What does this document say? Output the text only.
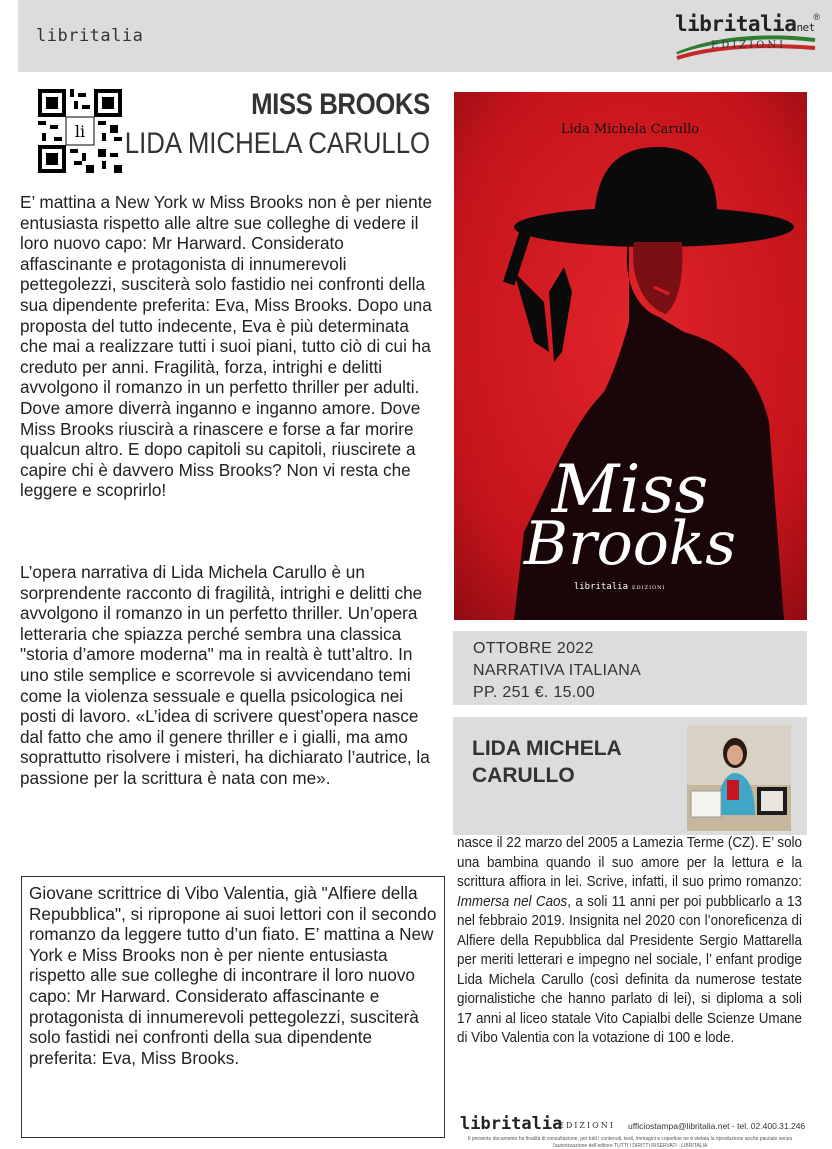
libritalia	libritalianet
®
EDIZIONI
li
MISS BROOKS
LIDA MICHELA CARULLO
E’ mattina a New York w Miss Brooks non è per niente entusiasta rispetto alle altre sue colleghe di vedere il loro nuovo capo: Mr Harward. Considerato affascinante e protagonista di innumerevoli pettegolezzi, susciterà solo fastidio nei confronti della sua dipendente preferita: Eva, Miss Brooks. Dopo una proposta del tutto indecente, Eva è più determinata che mai a realizzare tutti i suoi piani, tutto ciò di cui ha creduto per anni. Fragilità, forza, intrighi e delitti avvolgono il romanzo in un perfetto thriller per adulti. Dove amore diverrà inganno e inganno amore. Dove Miss Brooks riuscirà a rinascere e forse a far morire qualcun altro. E dopo capitoli su capitoli, riuscirete a capire chi è davvero Miss Brooks? Non vi resta che leggere e scoprirlo!
L’opera narrativa di Lida Michela Carullo è un sorprendente racconto di fragilità, intrighi e delitti che avvolgono il romanzo in un perfetto thriller. Un’opera letteraria che spiazza perché sembra una classica "storia d’amore moderna" ma in realtà è tutt’altro. In uno stile semplice e scorrevole si avvicendano temi come la violenza sessuale e quella psicologica nei posti di lavoro. «L’idea di scrivere quest’opera nasce dal fatto che amo il genere thriller e i gialli, ma amo soprattutto risolvere i misteri, ha dichiarato l’autrice, la passione per la scrittura è nata con me».
Giovane scrittrice di Vibo Valentia, già "Alfiere della Repubblica", si ripropone ai suoi lettori con il secondo romanzo da leggere tutto d’un fiato. E’ mattina a New York e Miss Brooks non è per niente entusiasta rispetto alle sue colleghe di incontrare il loro nuovo capo: Mr Harward. Considerato affascinante e protagonista di innumerevoli pettegolezzi, susciterà solo fastidi nei confronti della sua dipendente preferita: Eva, Miss Brooks.
Lida Michela Carullo
Miss
Brooks
libritalia EDIZIONI
OTTOBRE 2022
NARRATIVA ITALIANA
PP. 251 €. 15.00
LIDA MICHELA
CARULLO
nasce il 22 marzo del 2005 a Lamezia Terme (CZ). E’ solo una bambina quando il suo amore per la lettura e la scrittura affiora in lei. Scrive, infatti, il suo primo romanzo: Immersa nel Caos, a soli 11 anni per poi pubblicarlo a 13 nel febbraio 2019. Insignita nel 2020 con l’onoreficenza di Alfiere della Repubblica dal Presidente Sergio Mattarella per meriti letterari e impegno nel sociale, l’ enfant prodige Lida Michela Carullo (così definita da numerose testate giornalistiche che hanno parlato di lei), si diploma a soli 17 anni al liceo statale Vito Capialbi delle Scienze Umane di Vibo Valentia con la votazione di 100 e lode.
libritalia
EDIZIONI ufficiostampa@libritalia.net - tel. 02.400.31.246
Il presente documento ha finalità di consultazione, per tutti i contenuti, testi, immagini e copertine ne è vietata la riproduzione anche parziale senza l’autorizzazione dell’editore TUTTI I DIRITTI RISERVATI - LIBRITALIA
